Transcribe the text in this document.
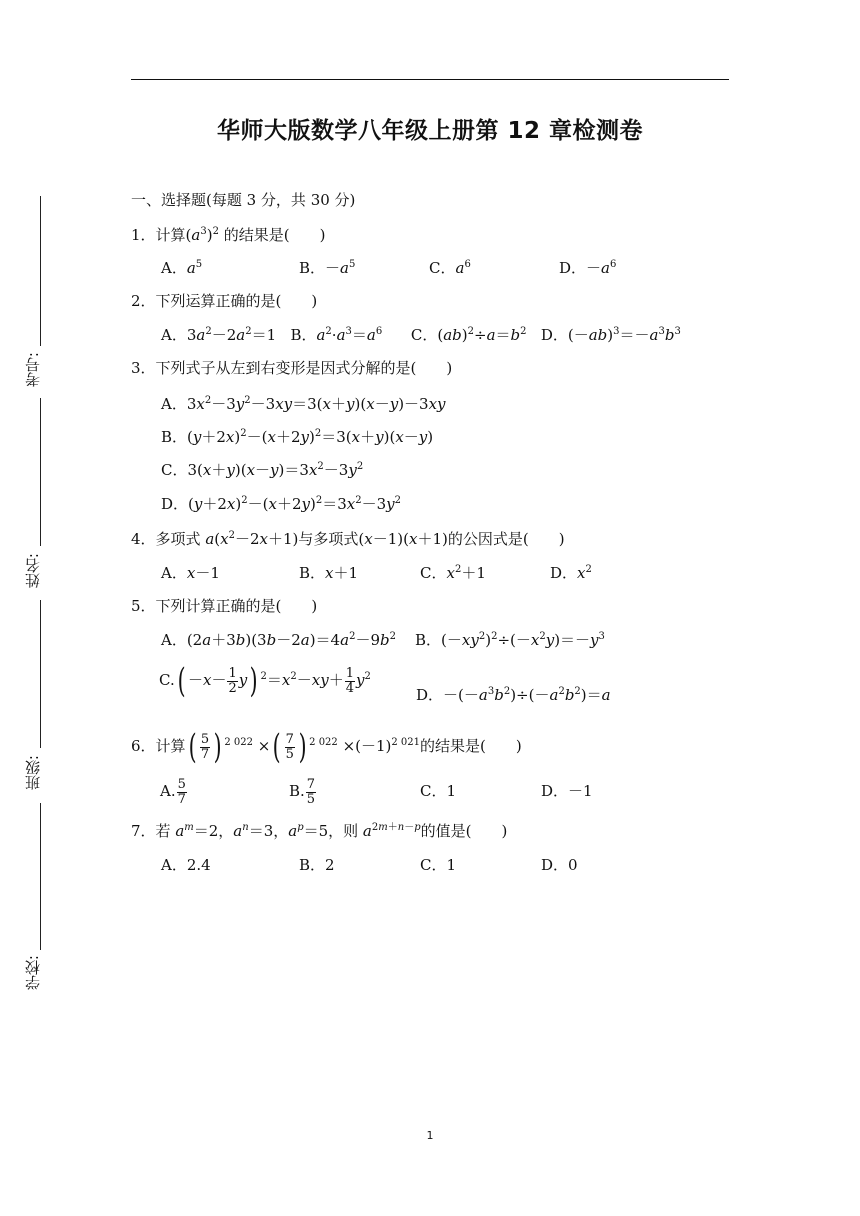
华师大版数学八年级上册第 12 章检测卷
考号:
姓名:
班级:
学校:
一、选择题(每题 3 分，共 30 分)
1．计算$(a^3)^2$ 的结果是(　　)
A．$a^5$	B．$-a^5$	C．$a^6$	D．$-a^6$
2．下列运算正确的是(　　)
A．$3a^2-2a^2=1$   B．$a^2\cdot a^3=a^6$      C．$(ab)^2\div a=b^2$   D．$(-ab)^3=-a^3b^3$
3．下列式子从左到右变形是因式分解的是(　　)
A．$3x^2-3y^2-3xy=3(x+y)(x-y)-3xy$
B．$(y+2x)^2-(x+2y)^2=3(x+y)(x-y)$
C．$3(x+y)(x-y)=3x^2-3y^2$
D．$(y+2x)^2-(x+2y)^2=3x^2-3y^2$
4．多项式 $a(x^2-2x+1)$与多项式(x－1)(x＋1)的公因式是(　　)
A．x－1	B．x＋1	C．$x^2+1$	D．$x^2$
5．下列计算正确的是(　　)
A．$(2a+3b)(3b-2a)=4a^2-9b^2$ B．$(-xy^2)^2\div(-x^2y)=-y^3$
$C.( -x- \frac{1}{2} y)$ $^2=x^2-xy+ \frac{1}{4} y^2$
D．$-(-a^3b^2)\div(-a^2b^2)=a$
6．计算( $\frac{5}{7}$ ) $^{2 022}$ ×( $\frac{7}{5}$ ) $^{2 022} \times(-1)^{2 021}$的结果是(　　)
A. $\frac{5}{7}$	B. $\frac{7}{5}$	C．1	D．－1
7．若 $a^m=2$，$a^n=3$，$a^p=5$，则 $a^{2m+n-p}$的值是(　　)
A．2.4	B．2	C．1	D．0
1
